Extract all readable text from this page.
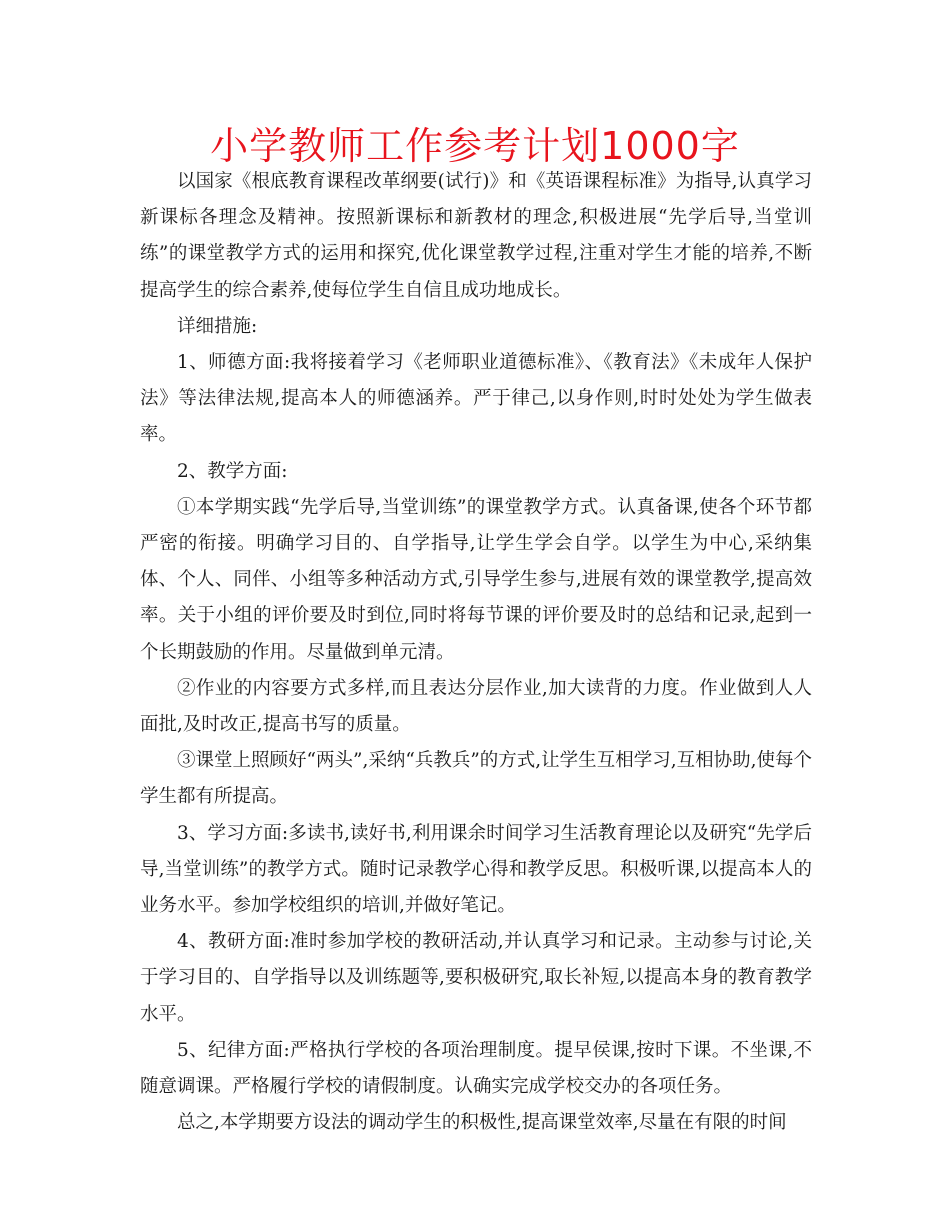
小学教师工作参考计划1000字

以国家《根底教育课程改革纲要(试行)》和《英语课程标准》为指导,认真学习新课标各理念及精神。按照新课标和新教材的理念,积极进展“先学后导,当堂训练”的课堂教学方式的运用和探究,优化课堂教学过程,注重对学生才能的培养,不断提高学生的综合素养,使每位学生自信且成功地成长。

详细措施:

1、师德方面:我将接着学习《老师职业道德标准》、《教育法》《未成年人保护法》等法律法规,提高本人的师德涵养。严于律己,以身作则,时时处处为学生做表率。

2、教学方面:

①本学期实践“先学后导,当堂训练”的课堂教学方式。认真备课,使各个环节都严密的衔接。明确学习目的、自学指导,让学生学会自学。以学生为中心,采纳集体、个人、同伴、小组等多种活动方式,引导学生参与,进展有效的课堂教学,提高效率。关于小组的评价要及时到位,同时将每节课的评价要及时的总结和记录,起到一个长期鼓励的作用。尽量做到单元清。

②作业的内容要方式多样,而且表达分层作业,加大读背的力度。作业做到人人面批,及时改正,提高书写的质量。

③课堂上照顾好“两头”,采纳“兵教兵”的方式,让学生互相学习,互相协助,使每个学生都有所提高。

3、学习方面:多读书,读好书,利用课余时间学习生活教育理论以及研究“先学后导,当堂训练”的教学方式。随时记录教学心得和教学反思。积极听课,以提高本人的业务水平。参加学校组织的培训,并做好笔记。

4、教研方面:准时参加学校的教研活动,并认真学习和记录。主动参与讨论,关于学习目的、自学指导以及训练题等,要积极研究,取长补短,以提高本身的教育教学水平。

5、纪律方面:严格执行学校的各项治理制度。提早侯课,按时下课。不坐课,不随意调课。严格履行学校的请假制度。认确实完成学校交办的各项任务。

总之,本学期要方设法的调动学生的积极性,提高课堂效率,尽量在有限的时间
